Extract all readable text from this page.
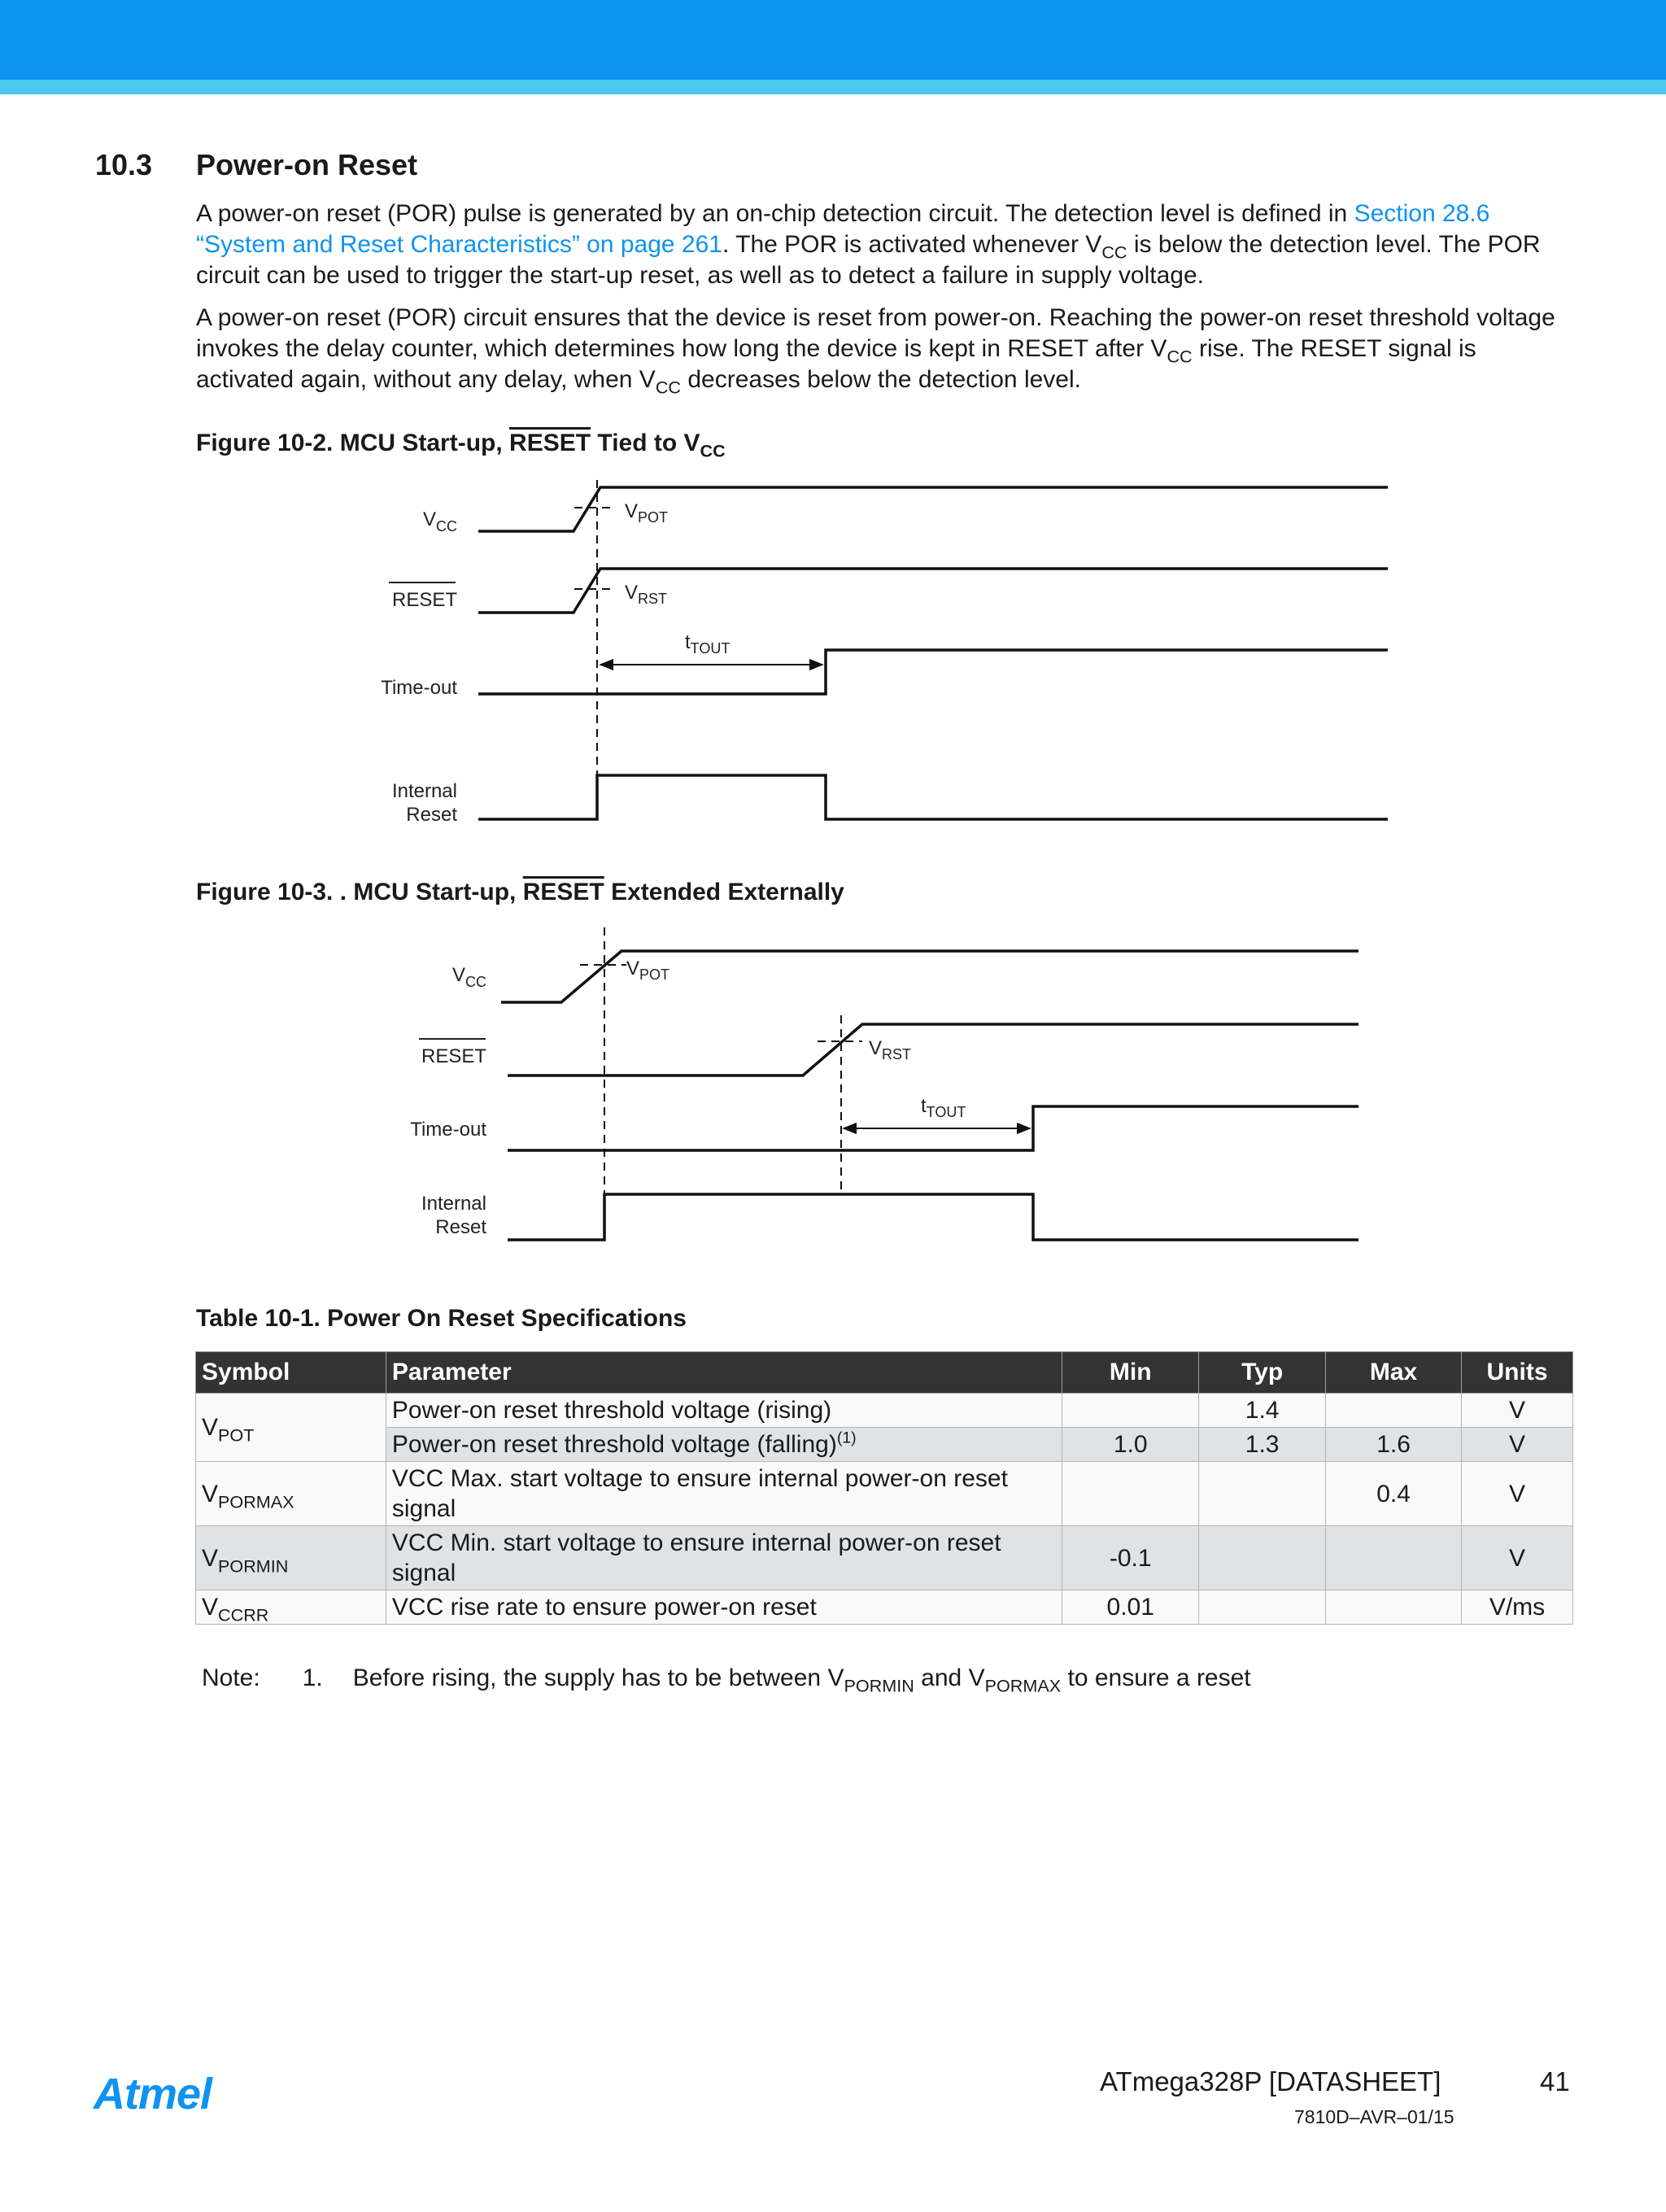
10.3 Power-on Reset
A power-on reset (POR) pulse is generated by an on-chip detection circuit. The detection level is defined in Section 28.6 “System and Reset Characteristics” on page 261. The POR is activated whenever $V_{CC}$ is below the detection level. The POR circuit can be used to trigger the start-up reset, as well as to detect a failure in supply voltage.
A power-on reset (POR) circuit ensures that the device is reset from power-on. Reaching the power-on reset threshold voltage invokes the delay counter, which determines how long the device is kept in RESET after $V_{CC}$ rise. The RESET signal is activated again, without any delay, when $V_{CC}$ decreases below the detection level.
Figure 10-2. MCU Start-up, RESET Tied to $V_{CC}$
$V_{CC}$
RESET
Time-out
Internal
Reset
$V_{POT}$
$V_{RST}$
$t_{TOUT}$
Figure 10-3. . MCU Start-up, RESET Extended Externally
$V_{CC}$
RESET
Time-out
Internal
Reset
$V_{POT}$
$V_{RST}$
$t_{TOUT}$
Table 10-1. Power On Reset Specifications
Symbol	Parameter	Min	Typ	Max	Units
$V_{POT}$	Power-on reset threshold voltage (rising)		1.4		V
	Power-on reset threshold voltage (falling)$^{(1)}$	1.0	1.3	1.6	V
$V_{PORMAX}$	VCC Max. start voltage to ensure internal power-on reset signal			0.4	V
$V_{PORMIN}$	VCC Min. start voltage to ensure internal power-on reset signal	-0.1			V
$V_{CCRR}$	VCC rise rate to ensure power-on reset	0.01			V/ms
Note: 1. Before rising, the supply has to be between $V_{PORMIN}$ and $V_{PORMAX}$ to ensure a reset
Atmel	ATmega328P [DATASHEET]	41
7810D–AVR–01/15
